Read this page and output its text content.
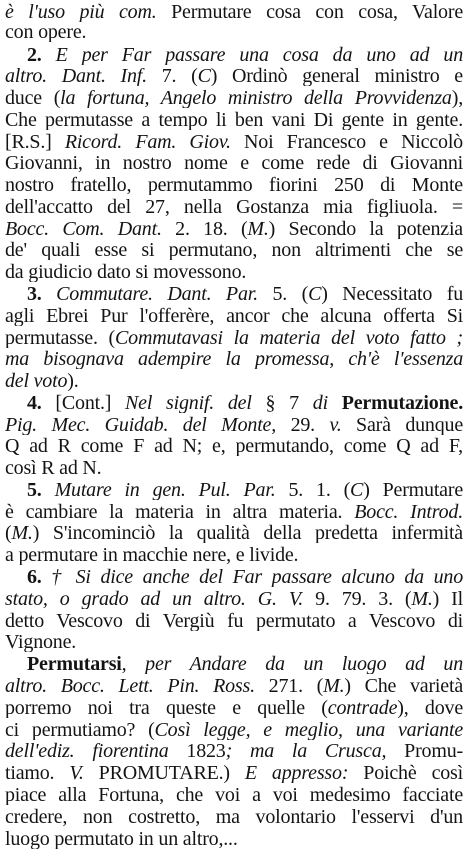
è l'uso più com. Permutare cosa con cosa, Valore
con opere.
2. E per Far passare una cosa da uno ad un
altro. Dant. Inf. 7. (C) Ordinò general ministro e
duce (la fortuna, Angelo ministro della Provvidenza),
Che permutasse a tempo li ben vani Di gente in gente.
[R.S.] Ricord. Fam. Giov. Noi Francesco e Niccolò
Giovanni, in nostro nome e come rede di Giovanni
nostro fratello, permutammo fiorini 250 di Monte
dell'accatto del 27, nella Gostanza mia figliuola. =
Bocc. Com. Dant. 2. 18. (M.) Secondo la potenzia
de' quali esse si permutano, non altrimenti che se
da giudicio dato si movessono.
3. Commutare. Dant. Par. 5. (C) Necessitato fu
agli Ebrei Pur l'offerère, ancor che alcuna offerta Si
permutasse. (Commutavasi la materia del voto fatto ;
ma bisognava adempire la promessa, ch'è l'essenza
del voto).
4. [Cont.] Nel signif. del § 7 di Permutazione.
Pig. Mec. Guidab. del Monte, 29. v. Sarà dunque
Q ad R come F ad N; e, permutando, come Q ad F,
così R ad N.
5. Mutare in gen. Pul. Par. 5. 1. (C) Permutare
è cambiare la materia in altra materia. Bocc. Introd.
(M.) S'incominciò la qualità della predetta infermità
a permutare in macchie nere, e livide.
6. † Si dice anche del Far passare alcuno da uno
stato, o grado ad un altro. G. V. 9. 79. 3. (M.) Il
detto Vescovo di Vergiù fu permutato a Vescovo di
Vignone.
Permutarsi, per Andare da un luogo ad un
altro. Bocc. Lett. Pin. Ross. 271. (M.) Che varietà
porremo noi tra queste e quelle (contrade), dove
ci permutiamo? (Così legge, e meglio, una variante
dell'ediz. fiorentina 1823; ma la Crusca, Promu-
tiamo. V. PROMUTARE.) E appresso: Poichè così
piace alla Fortuna, che voi a voi medesimo facciate
credere, non costretto, ma volontario l'esservi d'un
luogo permutato in un altro,...
